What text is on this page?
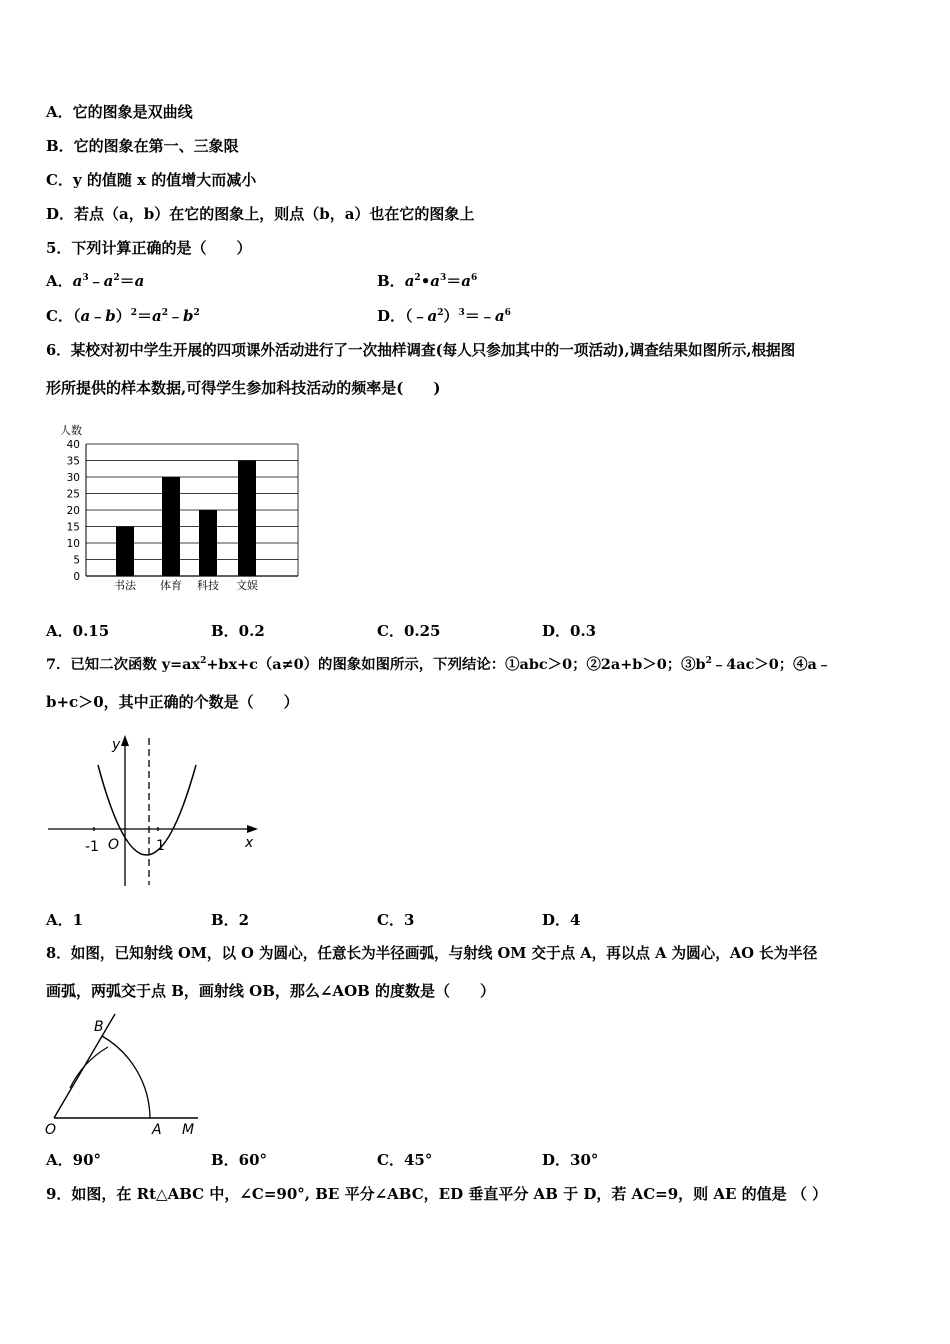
A．它的图象是双曲线
B．它的图象在第一、三象限
C．y 的值随 x 的值增大而减小
D．若点（a，b）在它的图象上，则点（b，a）也在它的图象上
5．下列计算正确的是（　　）
A．$a^3﹣a^2=a$	B．$a^2•a^3=a^6$
C．$(a﹣b)^2=a^2﹣b^2$	D．$(﹣a^2)^3=﹣a^6$
6．某校对初中学生开展的四项课外活动进行了一次抽样调查(每人只参加其中的一项活动),调查结果如图所示,根据图
形所提供的样本数据,可得学生参加科技活动的频率是(　　)
0
5
10
15
20
25
30
35
40
人数
书法 体育 科技 文娱
A．0.15	B．0.2	C．0.25	D．0.3
7．已知二次函数 $y=ax^2+bx+c(a\ne 0)$的图象如图所示，下列结论：①abc＞0；②2a+b＞0；$③b^2﹣4ac>0$；④a﹣
b+c＞0，其中正确的个数是（　　）
y
x
O
-1	1
A．1	B．2	C．3	D．4
8．如图，已知射线 OM，以 O 为圆心，任意长为半径画弧，与射线 OM 交于点 A，再以点 A 为圆心，AO 长为半径
画弧，两弧交于点 B，画射线 OB，那么∠AOB 的度数是（　　）
B
O	A M
A．90°	B．60°	C．45°	D．30°
9．如图，在 Rt△ABC 中，∠C=90°, BE 平分∠ABC，ED 垂直平分 AB 于 D，若 AC=9，则 AE 的值是 （ ）
